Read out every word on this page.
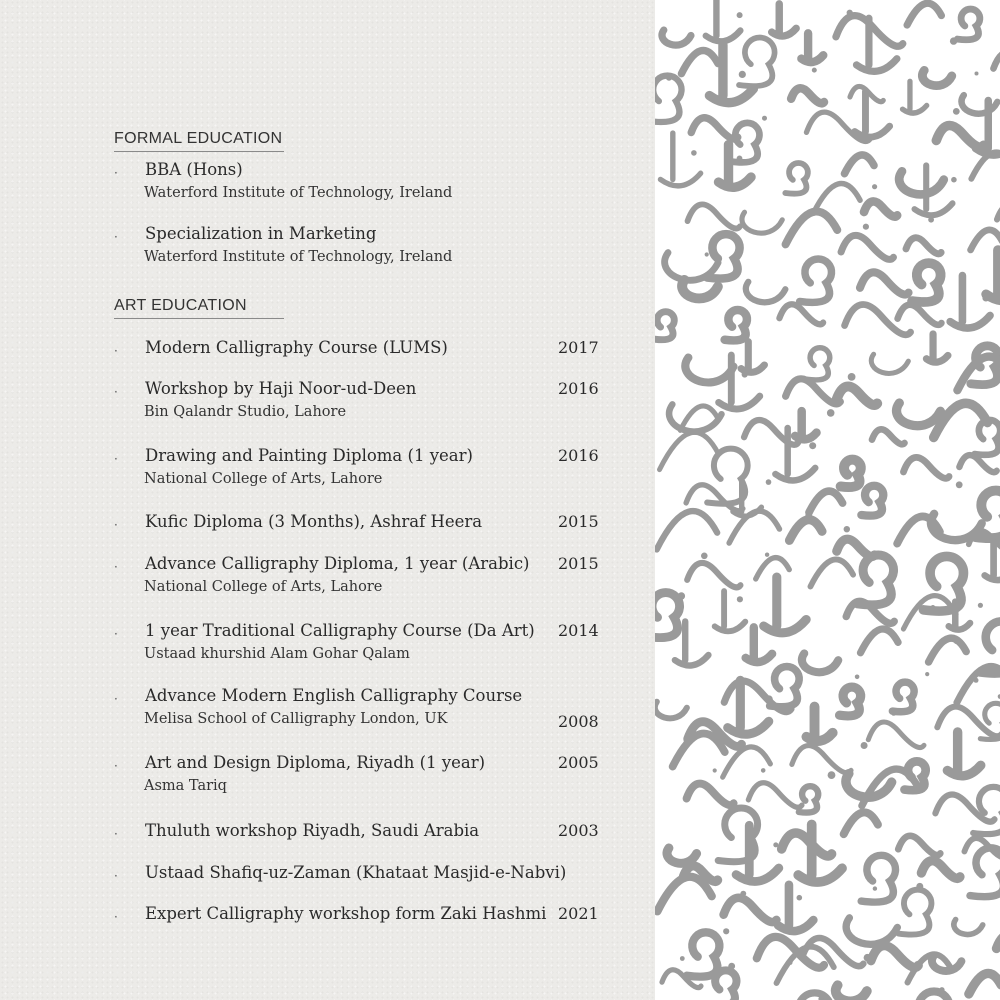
FORMAL EDUCATION
· BBA (Hons)
Waterford Institute of Technology, Ireland
· Specialization in Marketing
Waterford Institute of Technology, Ireland
ART EDUCATION
· Modern Calligraphy Course (LUMS)	2017
· Workshop by Haji Noor-ud-Deen	2016
Bin Qalandr Studio, Lahore
· Drawing and Painting Diploma (1 year)	2016
National College of Arts, Lahore
· Kufic Diploma (3 Months), Ashraf Heera	2015
· Advance Calligraphy Diploma, 1 year (Arabic) 2015
National College of Arts, Lahore
· 1 year Traditional Calligraphy Course (Da Art) 2014
Ustaad khurshid Alam Gohar Qalam
· Advance Modern English Calligraphy Course
Melisa School of Calligraphy London, UK	2008
· Art and Design Diploma, Riyadh (1 year)	2005
Asma Tariq
· Thuluth workshop Riyadh, Saudi Arabia	2003
· Ustaad Shafiq-uz-Zaman (Khataat Masjid-e-Nabvi)
· Expert Calligraphy workshop form Zaki Hashmi 2021
